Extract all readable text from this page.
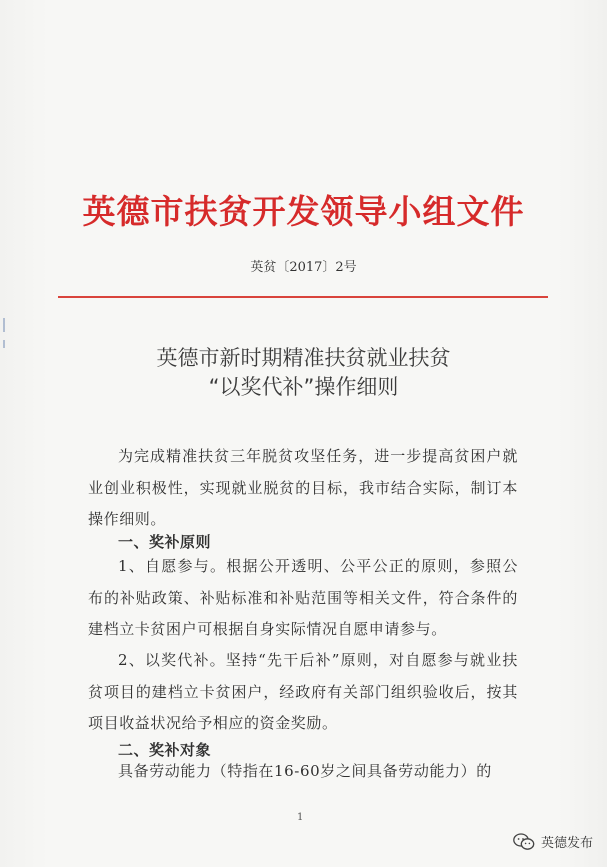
英德市扶贫开发领导小组文件
英贫〔2017〕2号
英德市新时期精准扶贫就业扶贫
“以奖代补”操作细则

为完成精准扶贫三年脱贫攻坚任务，进一步提高贫困户就业创业积极性，实现就业脱贫的目标，我市结合实际，制订本操作细则。

一、奖补原则

1、自愿参与。根据公开透明、公平公正的原则，参照公布的补贴政策、补贴标准和补贴范围等相关文件，符合条件的建档立卡贫困户可根据自身实际情况自愿申请参与。

2、以奖代补。坚持“先干后补”原则，对自愿参与就业扶贫项目的建档立卡贫困户，经政府有关部门组织验收后，按其项目收益状况给予相应的资金奖励。

二、奖补对象

具备劳动能力（特指在16-60岁之间具备劳动能力）的

1
英德发布
